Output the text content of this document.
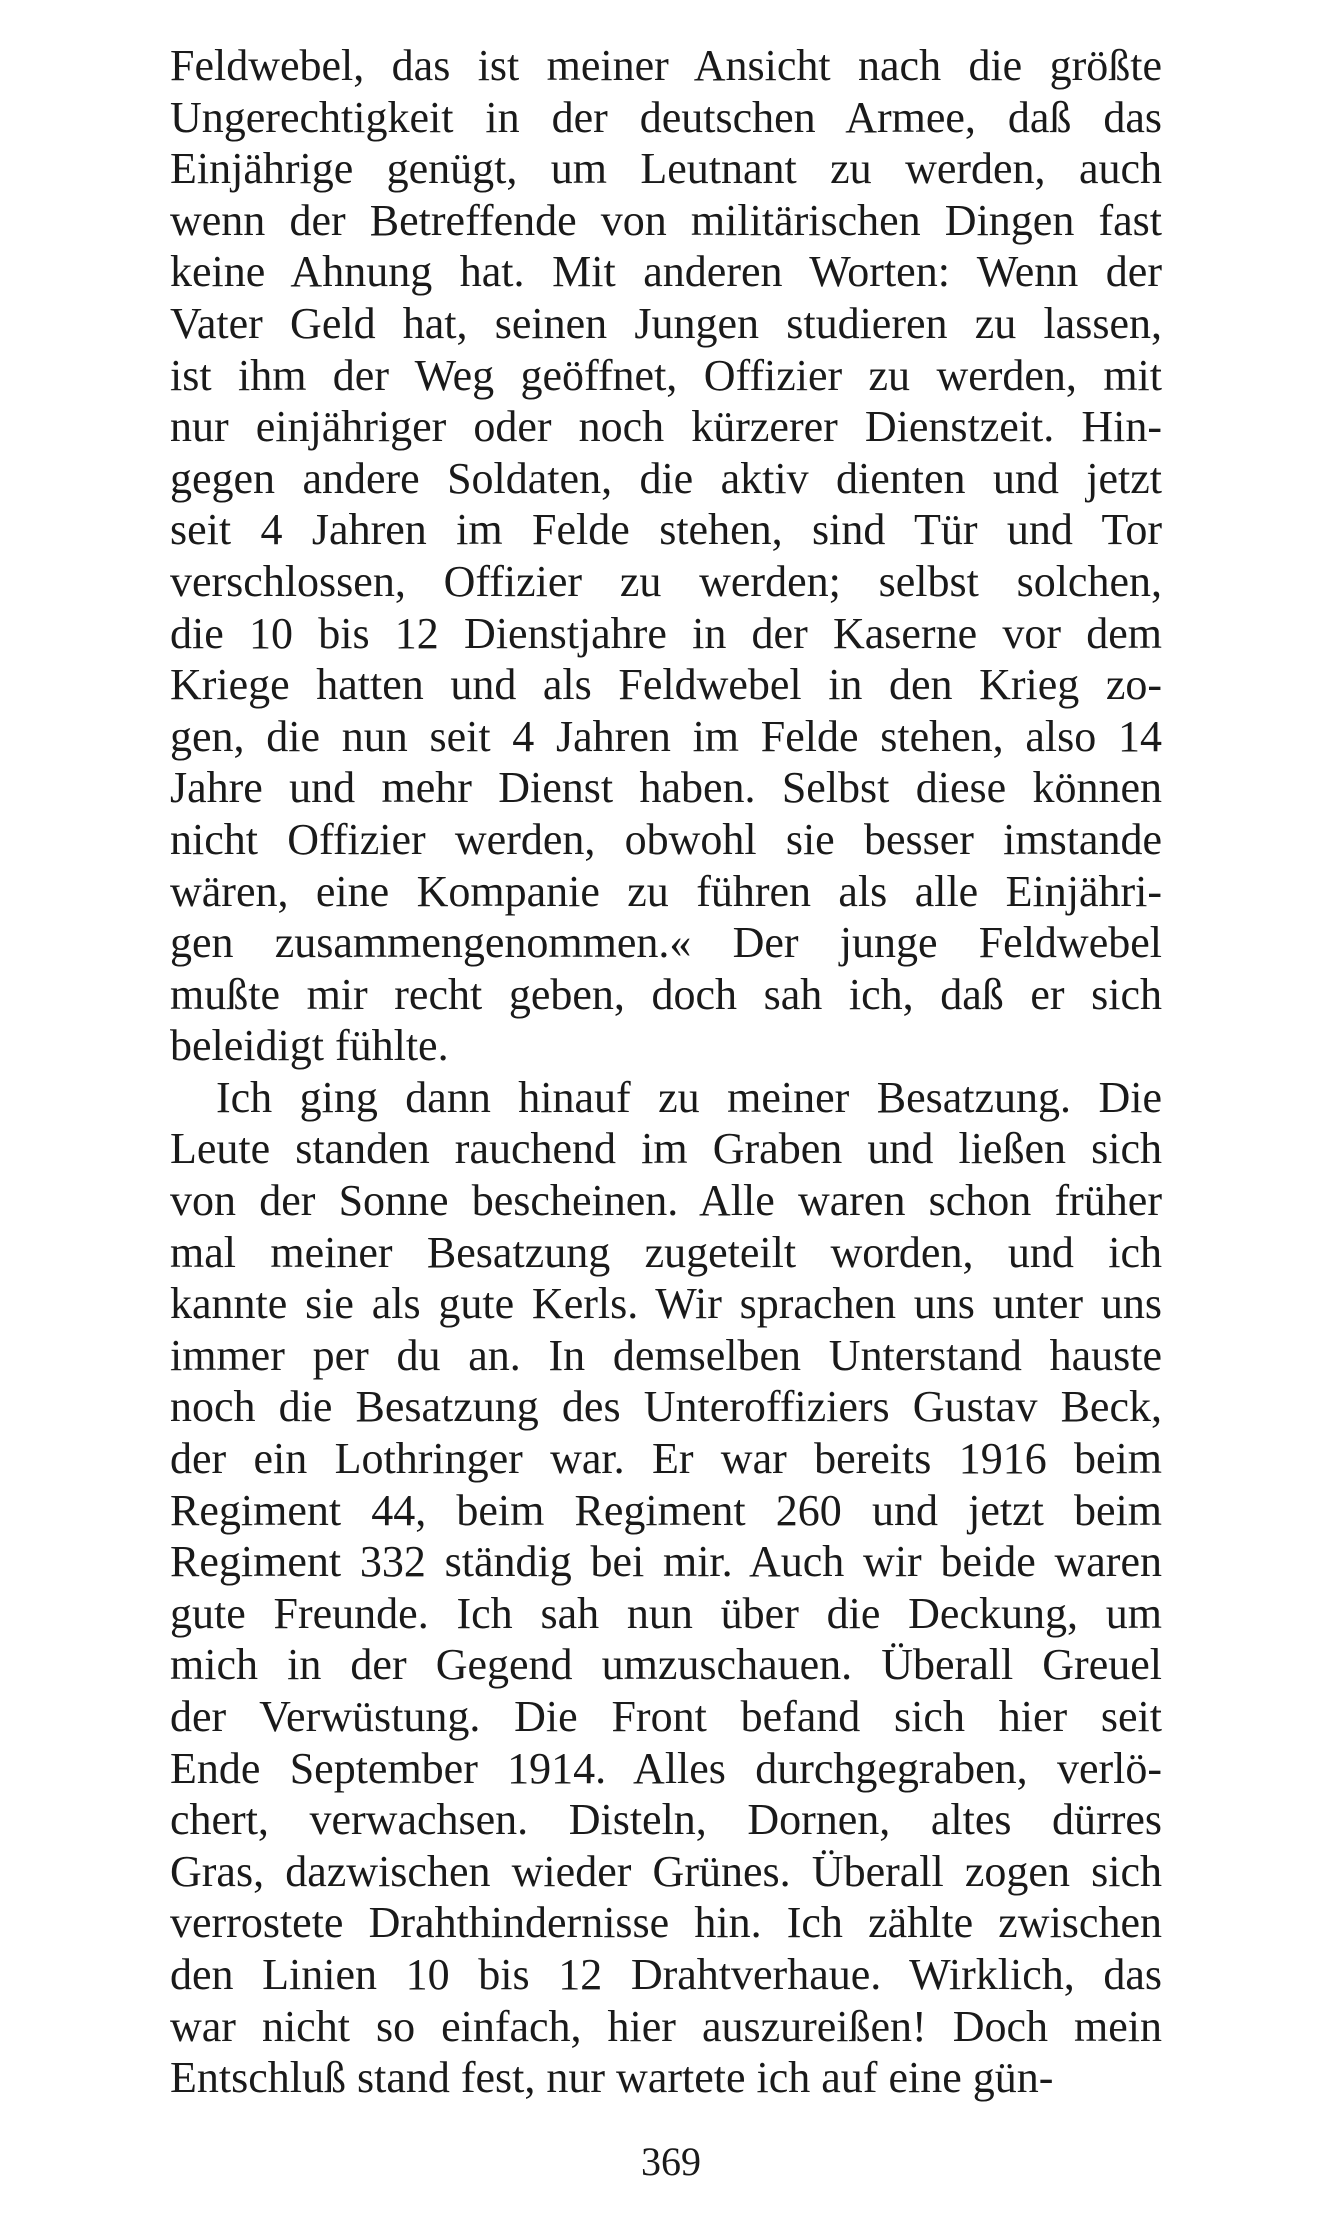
Feldwebel, das ist meiner Ansicht nach die größte
Ungerechtigkeit in der deutschen Armee, daß das
Einjährige genügt, um Leutnant zu werden, auch
wenn der Betreffende von militärischen Dingen fast
keine Ahnung hat. Mit anderen Worten: Wenn der
Vater Geld hat, seinen Jungen studieren zu lassen,
ist ihm der Weg geöffnet, Offizier zu werden, mit
nur einjähriger oder noch kürzerer Dienstzeit. Hin-
gegen andere Soldaten, die aktiv dienten und jetzt
seit 4 Jahren im Felde stehen, sind Tür und Tor
verschlossen, Offizier zu werden; selbst solchen,
die 10 bis 12 Dienstjahre in der Kaserne vor dem
Kriege hatten und als Feldwebel in den Krieg zo-
gen, die nun seit 4 Jahren im Felde stehen, also 14
Jahre und mehr Dienst haben. Selbst diese können
nicht Offizier werden, obwohl sie besser imstande
wären, eine Kompanie zu führen als alle Einjähri-
gen zusammengenommen.« Der junge Feldwebel
mußte mir recht geben, doch sah ich, daß er sich
beleidigt fühlte.
Ich ging dann hinauf zu meiner Besatzung. Die
Leute standen rauchend im Graben und ließen sich
von der Sonne bescheinen. Alle waren schon früher
mal meiner Besatzung zugeteilt worden, und ich
kannte sie als gute Kerls. Wir sprachen uns unter uns
immer per du an. In demselben Unterstand hauste
noch die Besatzung des Unteroffiziers Gustav Beck,
der ein Lothringer war. Er war bereits 1916 beim
Regiment 44, beim Regiment 260 und jetzt beim
Regiment 332 ständig bei mir. Auch wir beide waren
gute Freunde. Ich sah nun über die Deckung, um
mich in der Gegend umzuschauen. Überall Greuel
der Verwüstung. Die Front befand sich hier seit
Ende September 1914. Alles durchgegraben, verlö-
chert, verwachsen. Disteln, Dornen, altes dürres
Gras, dazwischen wieder Grünes. Überall zogen sich
verrostete Drahthindernisse hin. Ich zählte zwischen
den Linien 10 bis 12 Drahtverhaue. Wirklich, das
war nicht so einfach, hier auszureißen! Doch mein
Entschluß stand fest, nur wartete ich auf eine gün-
369
